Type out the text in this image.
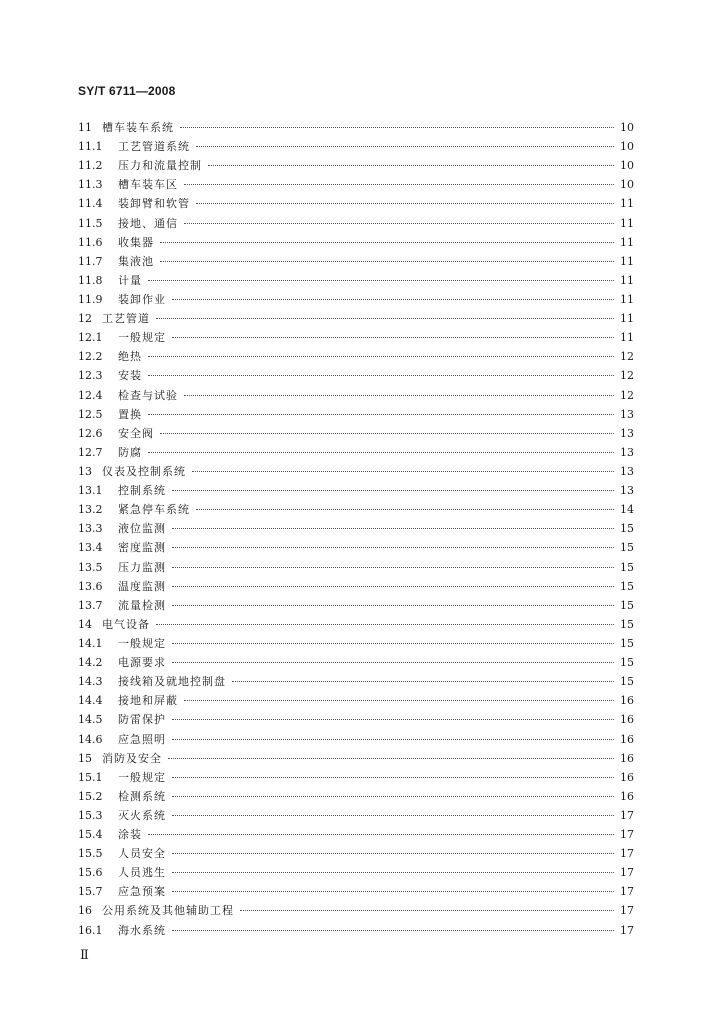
SY/T 6711—2008
11 槽车装车系统	10
11.1	工艺管道系统	10
11.2	压力和流量控制	10
11.3	槽车装车区	10
11.4	装卸臂和软管	11
11.5	接地、通信	11
11.6	收集器	11
11.7	集液池	11
11.8	计量	11
11.9	装卸作业	11
12 工艺管道	11
12.1	一般规定	11
12.2	绝热	12
12.3	安装	12
12.4	检查与试验	12
12.5	置换	13
12.6	安全阀	13
12.7	防腐	13
13 仪表及控制系统	13
13.1	控制系统	13
13.2	紧急停车系统	14
13.3	液位监测	15
13.4	密度监测	15
13.5	压力监测	15
13.6	温度监测	15
13.7	流量检测	15
14 电气设备	15
14.1	一般规定	15
14.2	电源要求	15
14.3	接线箱及就地控制盘	15
14.4	接地和屏蔽	16
14.5	防雷保护	16
14.6	应急照明	16
15 消防及安全	16
15.1	一般规定	16
15.2	检测系统	16
15.3	灭火系统	17
15.4	涂装	17
15.5	人员安全	17
15.6	人员逃生	17
15.7	应急预案	17
16 公用系统及其他辅助工程	17
16.1	海水系统	17
Ⅱ
